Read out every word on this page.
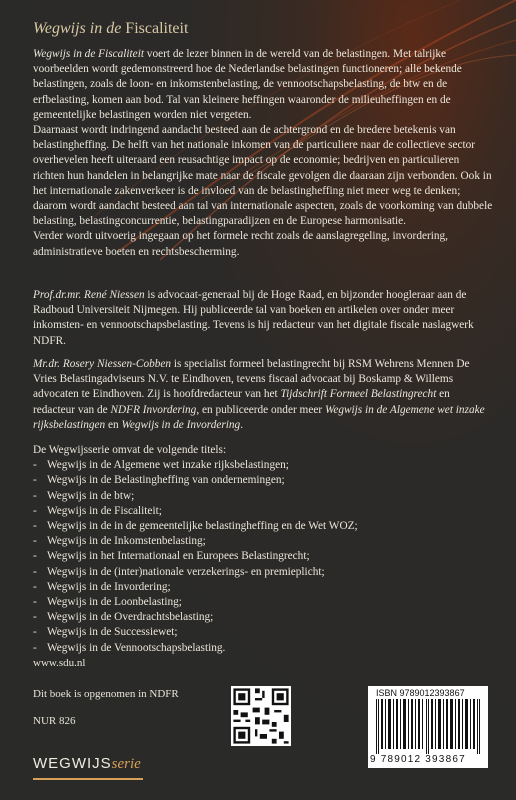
Wegwijs in de Fiscaliteit

Wegwijs in de Fiscaliteit voert de lezer binnen in de wereld van de belastingen. Met talrijke voorbeelden wordt gedemonstreerd hoe de Nederlandse belastingen functioneren; alle bekende belastingen, zoals de loon- en inkomstenbelasting, de vennootschapsbelasting, de btw en de erfbelasting, komen aan bod. Tal van kleinere heffingen waaronder de milieuheffingen en de gemeentelijke belastingen worden niet vergeten.

Daarnaast wordt indringend aandacht besteed aan de achtergrond en de bredere betekenis van belastingheffing. De helft van het nationale inkomen van de particuliere naar de collectieve sector overhevelen heeft uiteraard een reusachtige impact op de economie; bedrijven en particulieren richten hun handelen in belangrijke mate naar de fiscale gevolgen die daaraan zijn verbonden. Ook in het internationale zakenverkeer is de invloed van de belastingheffing niet meer weg te denken; daarom wordt aandacht besteed aan tal van internationale aspecten, zoals de voorkoming van dubbele belasting, belastingconcurrentie, belastingparadijzen en de Europese harmonisatie.

Verder wordt uitvoerig ingegaan op het formele recht zoals de aanslagregeling, invordering, administratieve boeten en rechtsbescherming.

Prof.dr.mr. René Niessen is advocaat-generaal bij de Hoge Raad, en bijzonder hoogleraar aan de Radboud Universiteit Nijmegen. Hij publiceerde tal van boeken en artikelen over onder meer inkomsten- en vennootschapsbelasting. Tevens is hij redacteur van het digitale fiscale naslagwerk NDFR.

Mr.dr. Rosery Niessen-Cobben is specialist formeel belastingrecht bij RSM Wehrens Mennen De Vries Belastingadviseurs N.V. te Eindhoven, tevens fiscaal advocaat bij Boskamp & Willems advocaten te Eindhoven. Zij is hoofdredacteur van het Tijdschrift Formeel Belastingrecht en redacteur van de NDFR Invordering, en publiceerde onder meer Wegwijs in de Algemene wet inzake rijksbelastingen en Wegwijs in de Invordering.

De Wegwijsserie omvat de volgende titels:

- Wegwijs in de Algemene wet inzake rijksbelastingen;
- Wegwijs in de Belastingheffing van ondernemingen;
- Wegwijs in de btw;
- Wegwijs in de Fiscaliteit;
- Wegwijs in de in de gemeentelijke belastingheffing en de Wet WOZ;
- Wegwijs in de Inkomstenbelasting;
- Wegwijs in het Internationaal en Europees Belastingrecht;
- Wegwijs in de (inter)nationale verzekerings- en premieplicht;
- Wegwijs in de Invordering;
- Wegwijs in de Loonbelasting;
- Wegwijs in de Overdrachtsbelasting;
- Wegwijs in de Successiewet;
- Wegwijs in de Vennootschapsbelasting.
www.sdu.nl
Dit boek is opgenomen in NDFR
NUR 826
WEGWIJSserie
ISBN 9789012393867
9 789012 393867
